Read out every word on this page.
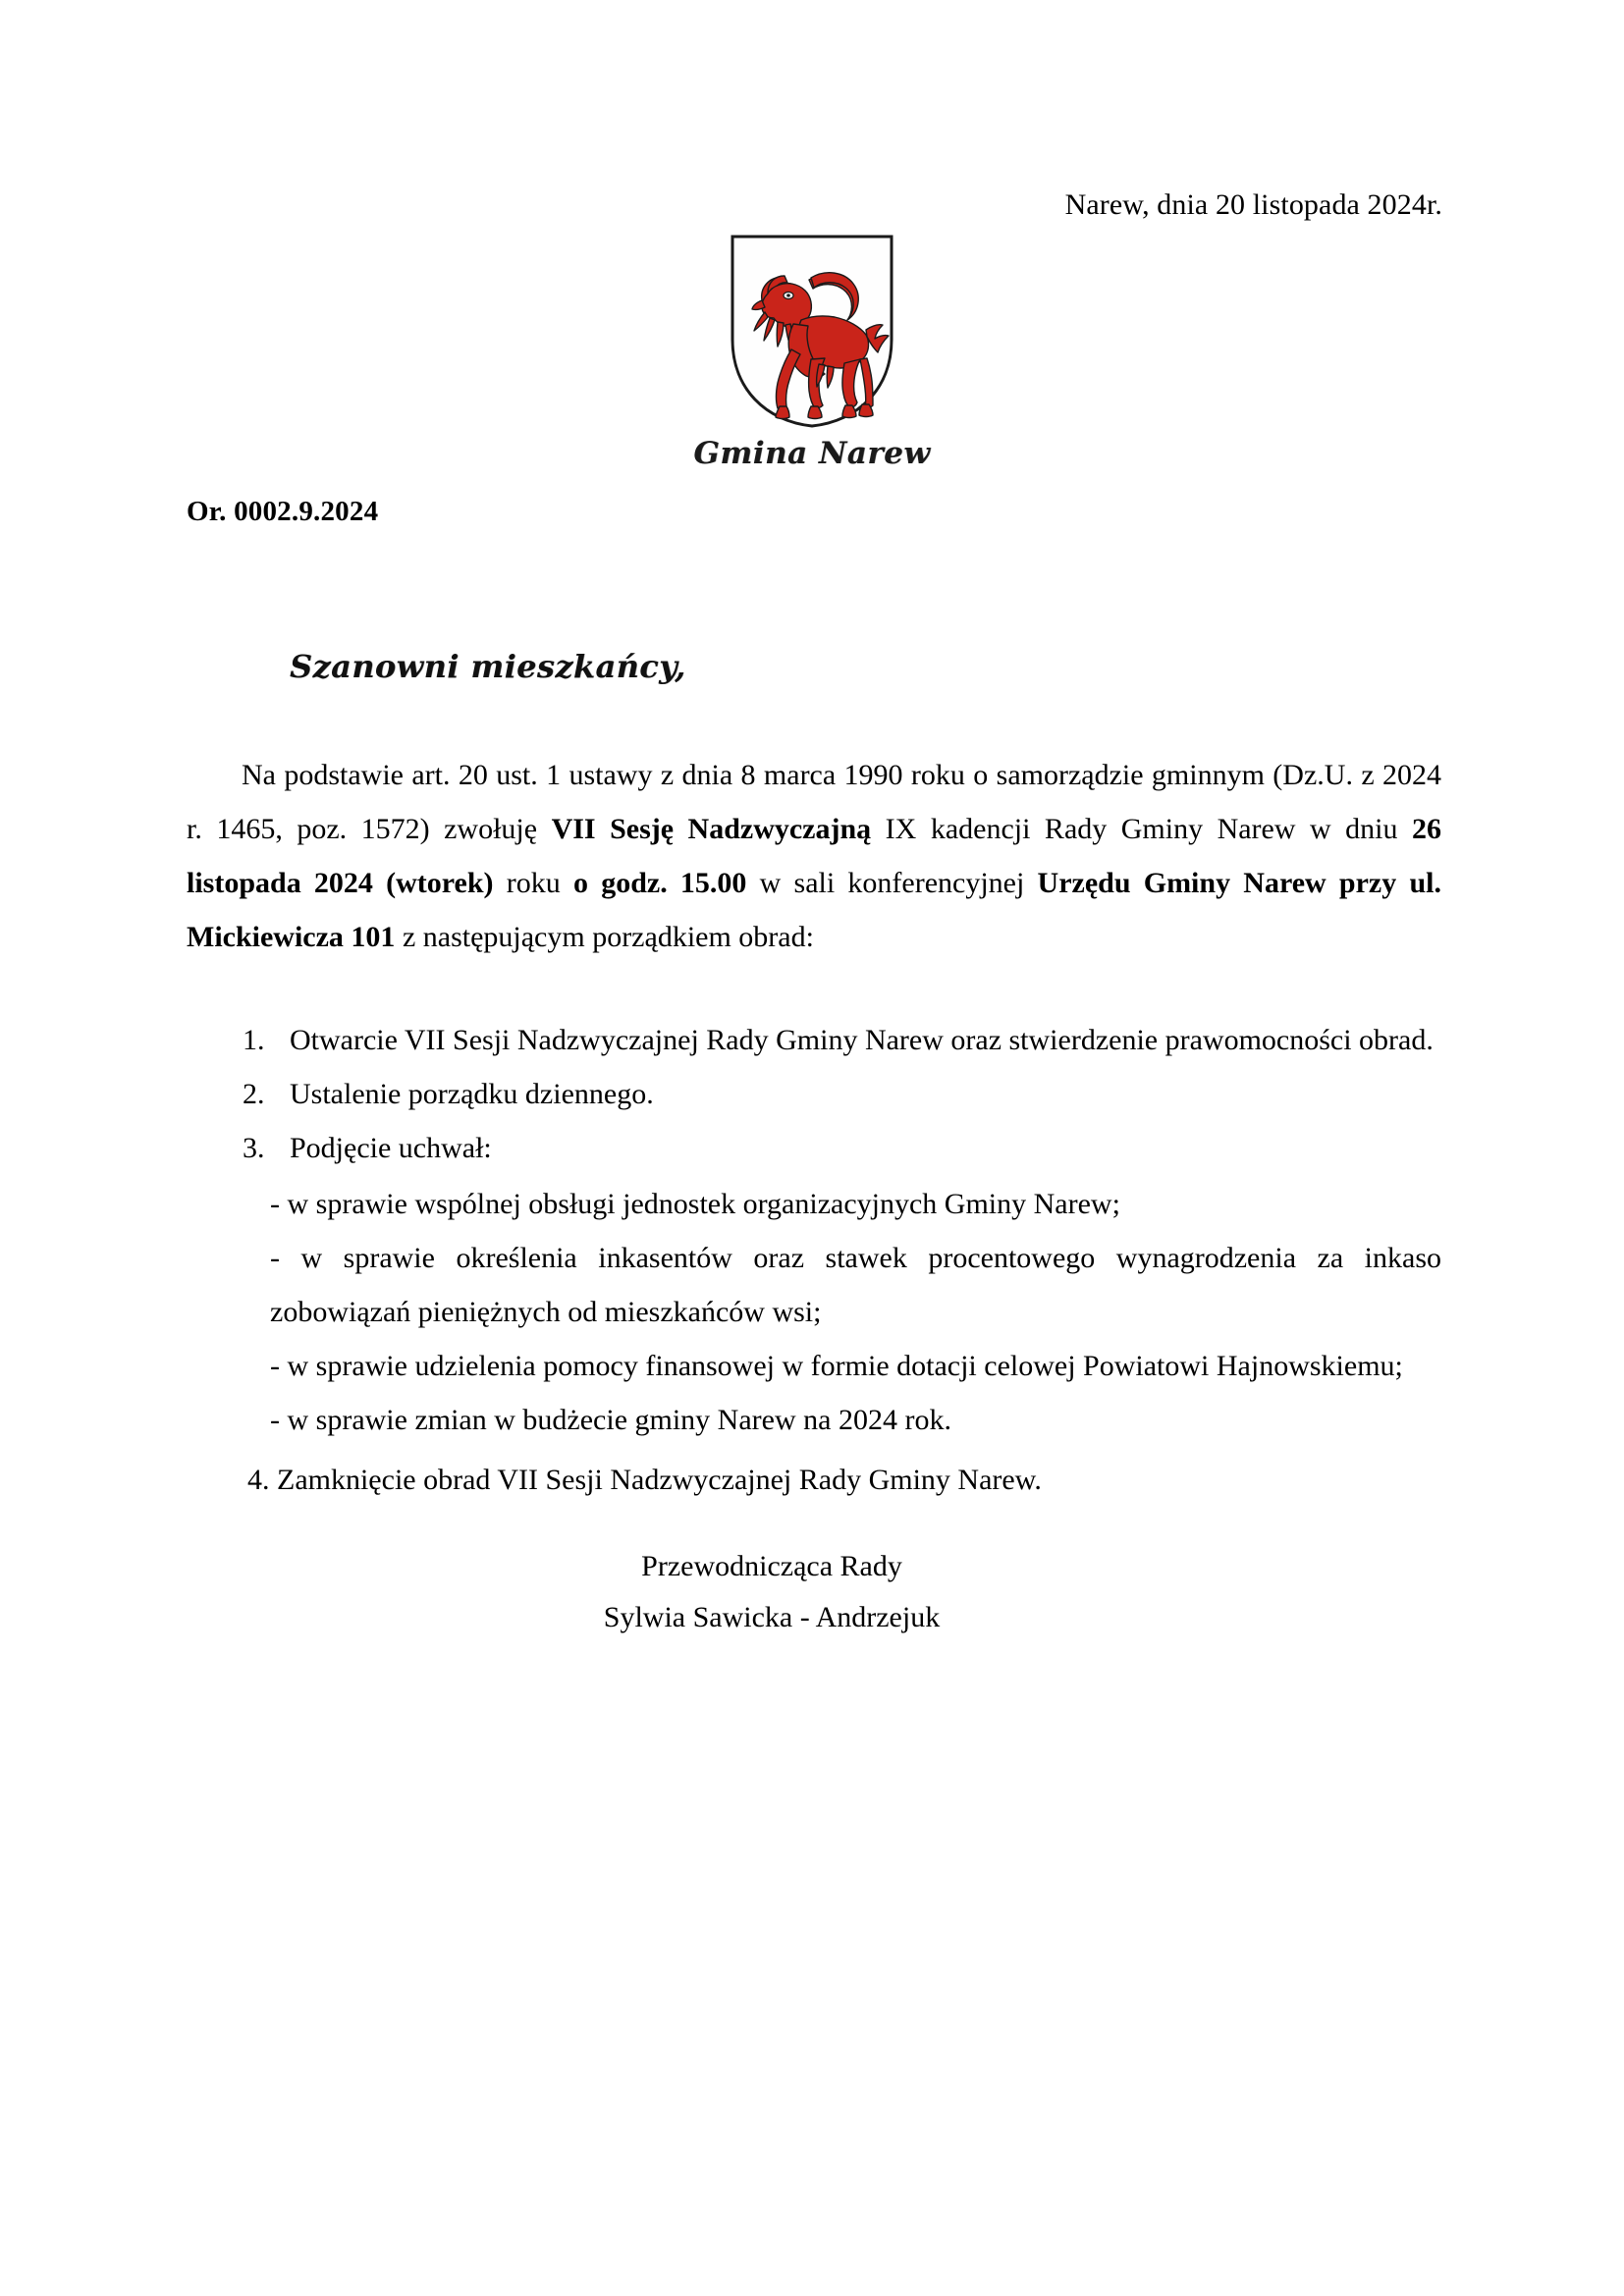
Narew, dnia 20 listopada 2024r.
Gmina Narew
Or. 0002.9.2024
Szanowni mieszkańcy,
Na podstawie art. 20 ust. 1 ustawy z dnia 8 marca 1990 roku o samorządzie gminnym (Dz.U. z 2024 r. 1465, poz. 1572) zwołuję VII Sesję Nadzwyczajną IX kadencji Rady Gminy Narew w dniu 26 listopada 2024 (wtorek) roku o godz. 15.00 w sali konferencyjnej Urzędu Gminy Narew przy ul. Mickiewicza 101 z następującym porządkiem obrad:
1. Otwarcie VII Sesji Nadzwyczajnej Rady Gminy Narew oraz stwierdzenie prawomocności obrad.
2. Ustalenie porządku dziennego.
3. Podjęcie uchwał:
- w sprawie wspólnej obsługi jednostek organizacyjnych Gminy Narew;
- w sprawie określenia inkasentów oraz stawek procentowego wynagrodzenia za inkaso zobowiązań pieniężnych od mieszkańców wsi;
- w sprawie udzielenia pomocy finansowej w formie dotacji celowej Powiatowi Hajnowskiemu;
- w sprawie zmian w budżecie gminy Narew na 2024 rok.
4. Zamknięcie obrad VII Sesji Nadzwyczajnej Rady Gminy Narew.
Przewodnicząca Rady
Sylwia Sawicka - Andrzejuk
